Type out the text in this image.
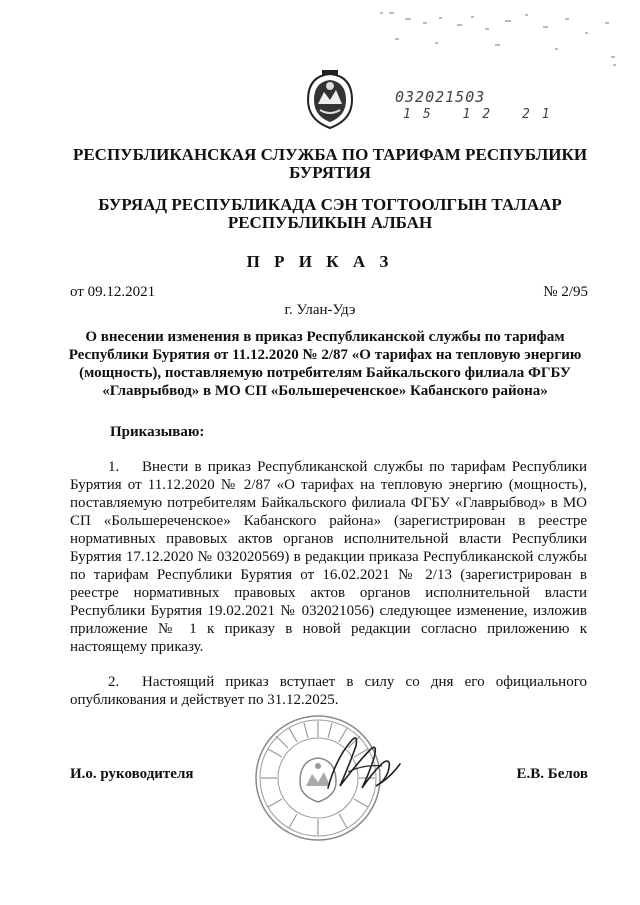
032021503
15 12 21
РЕСПУБЛИКАНСКАЯ СЛУЖБА ПО ТАРИФАМ РЕСПУБЛИКИ БУРЯТИЯ
БУРЯАД РЕСПУБЛИКАДА СЭН ТОГТООЛГЫН ТАЛААР РЕСПУБЛИКЫН АЛБАН
П Р И К А З
от 09.12.2021	№ 2/95
г. Улан-Удэ
О внесении изменения в приказ Республиканской службы по тарифам Республики Бурятия от 11.12.2020 № 2/87 «О тарифах на тепловую энергию (мощность), поставляемую потребителям Байкальского филиала ФГБУ «Главрыбвод» в МО СП «Большереченское» Кабанского района»
Приказываю:
1. Внести в приказ Республиканской службы по тарифам Республики Бурятия от 11.12.2020 № 2/87 «О тарифах на тепловую энергию (мощность), поставляемую потребителям Байкальского филиала ФГБУ «Главрыбвод» в МО СП «Большереченское» Кабанского района» (зарегистрирован в реестре нормативных правовых актов органов исполнительной власти Республики Бурятия 17.12.2020 № 032020569) в редакции приказа Республиканской службы по тарифам Республики Бурятия от 16.02.2021 № 2/13 (зарегистрирован в реестре нормативных правовых актов органов исполнительной власти Республики Бурятия 19.02.2021 № 032021056) следующее изменение, изложив приложение № 1 к приказу в новой редакции согласно приложению к настоящему приказу.
2. Настоящий приказ вступает в силу со дня его официального опубликования и действует по 31.12.2025.
И.о. руководителя	Е.В. Белов
